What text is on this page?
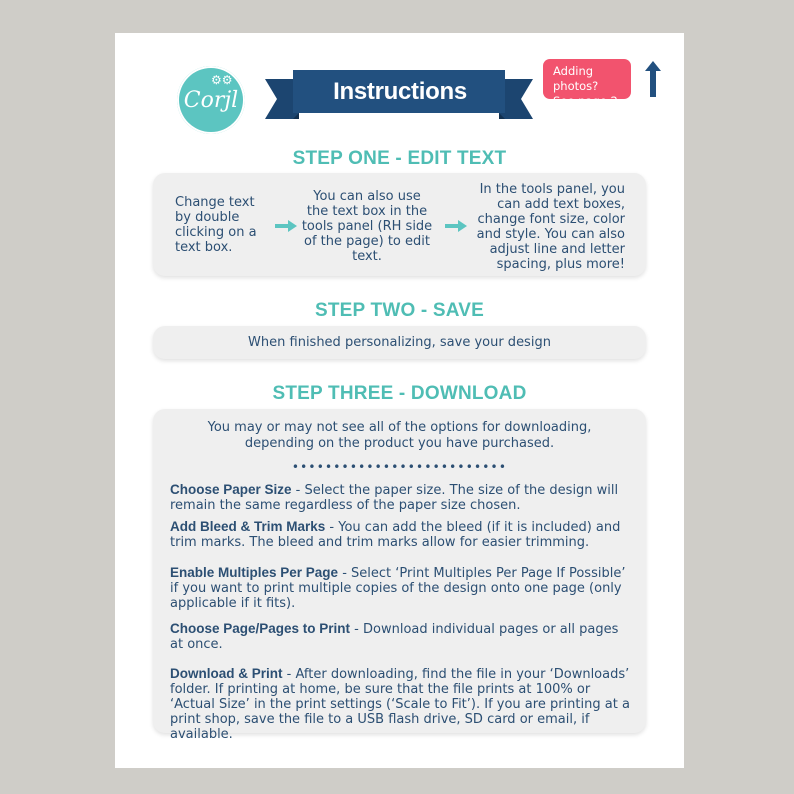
⚙⚙
Corjl	Instructions
Adding photos?
See page 2.
STEP ONE - EDIT TEXT
Change text by double clicking on a text box.
You can also use the text box in the tools panel (RH side of the page) to edit text.
In the tools panel, you can add text boxes, change font size, color and style. You can also adjust line and letter spacing, plus more!
STEP TWO - SAVE
When finished personalizing, save your design
STEP THREE - DOWNLOAD
You may or may not see all of the options for downloading,
depending on the product you have purchased.
••••••••••••••••••••••••••
Choose Paper Size - Select the paper size. The size of the design will remain the same regardless of the paper size chosen.
Add Bleed & Trim Marks - You can add the bleed (if it is included) and trim marks. The bleed and trim marks allow for easier trimming.
Enable Multiples Per Page - Select ‘Print Multiples Per Page If Possible’ if you want to print multiple copies of the design onto one page (only applicable if it fits).
Choose Page/Pages to Print - Download individual pages or all pages at once.
Download & Print - After downloading, find the file in your ‘Downloads’ folder. If printing at home, be sure that the file prints at 100% or ‘Actual Size’ in the print settings (‘Scale to Fit’). If you are printing at a print shop, save the file to a USB flash drive, SD card or email, if available.
